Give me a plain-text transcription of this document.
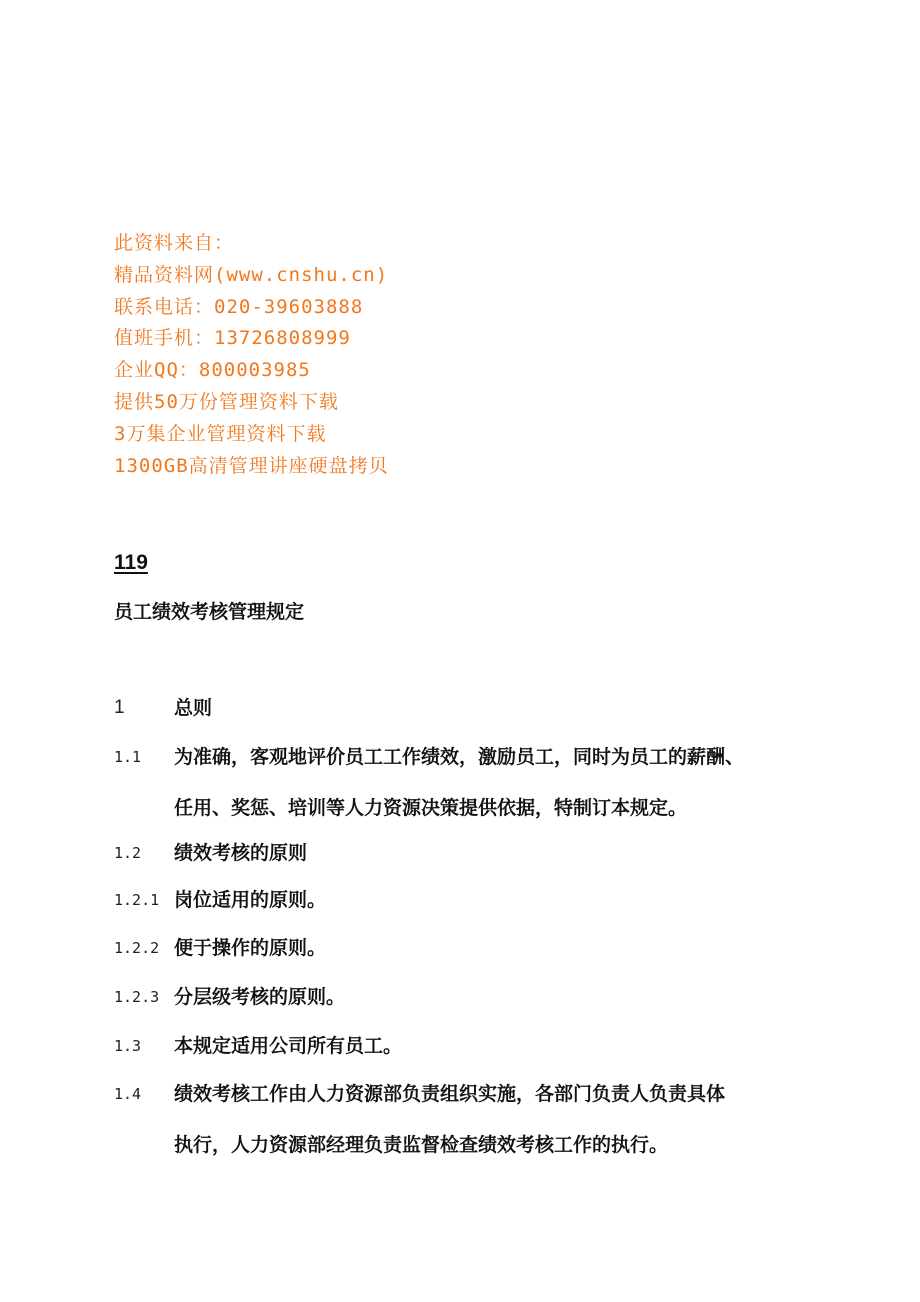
此资料来自：
精品资料网(www.cnshu.cn)
联系电话：020-39603888
值班手机：13726808999
企业QQ：800003985
提供50万份管理资料下载
3万集企业管理资料下载
1300GB高清管理讲座硬盘拷贝
119
员工绩效考核管理规定
1	总则
1.1 为准确，客观地评价员工工作绩效，激励员工，同时为员工的薪酬、
任用、奖惩、培训等人力资源决策提供依据，特制订本规定。
1.2 绩效考核的原则
1.2.1 岗位适用的原则。
1.2.2 便于操作的原则。
1.2.3 分层级考核的原则。
1.3 本规定适用公司所有员工。
1.4 绩效考核工作由人力资源部负责组织实施，各部门负责人负责具体
执行，人力资源部经理负责监督检查绩效考核工作的执行。
